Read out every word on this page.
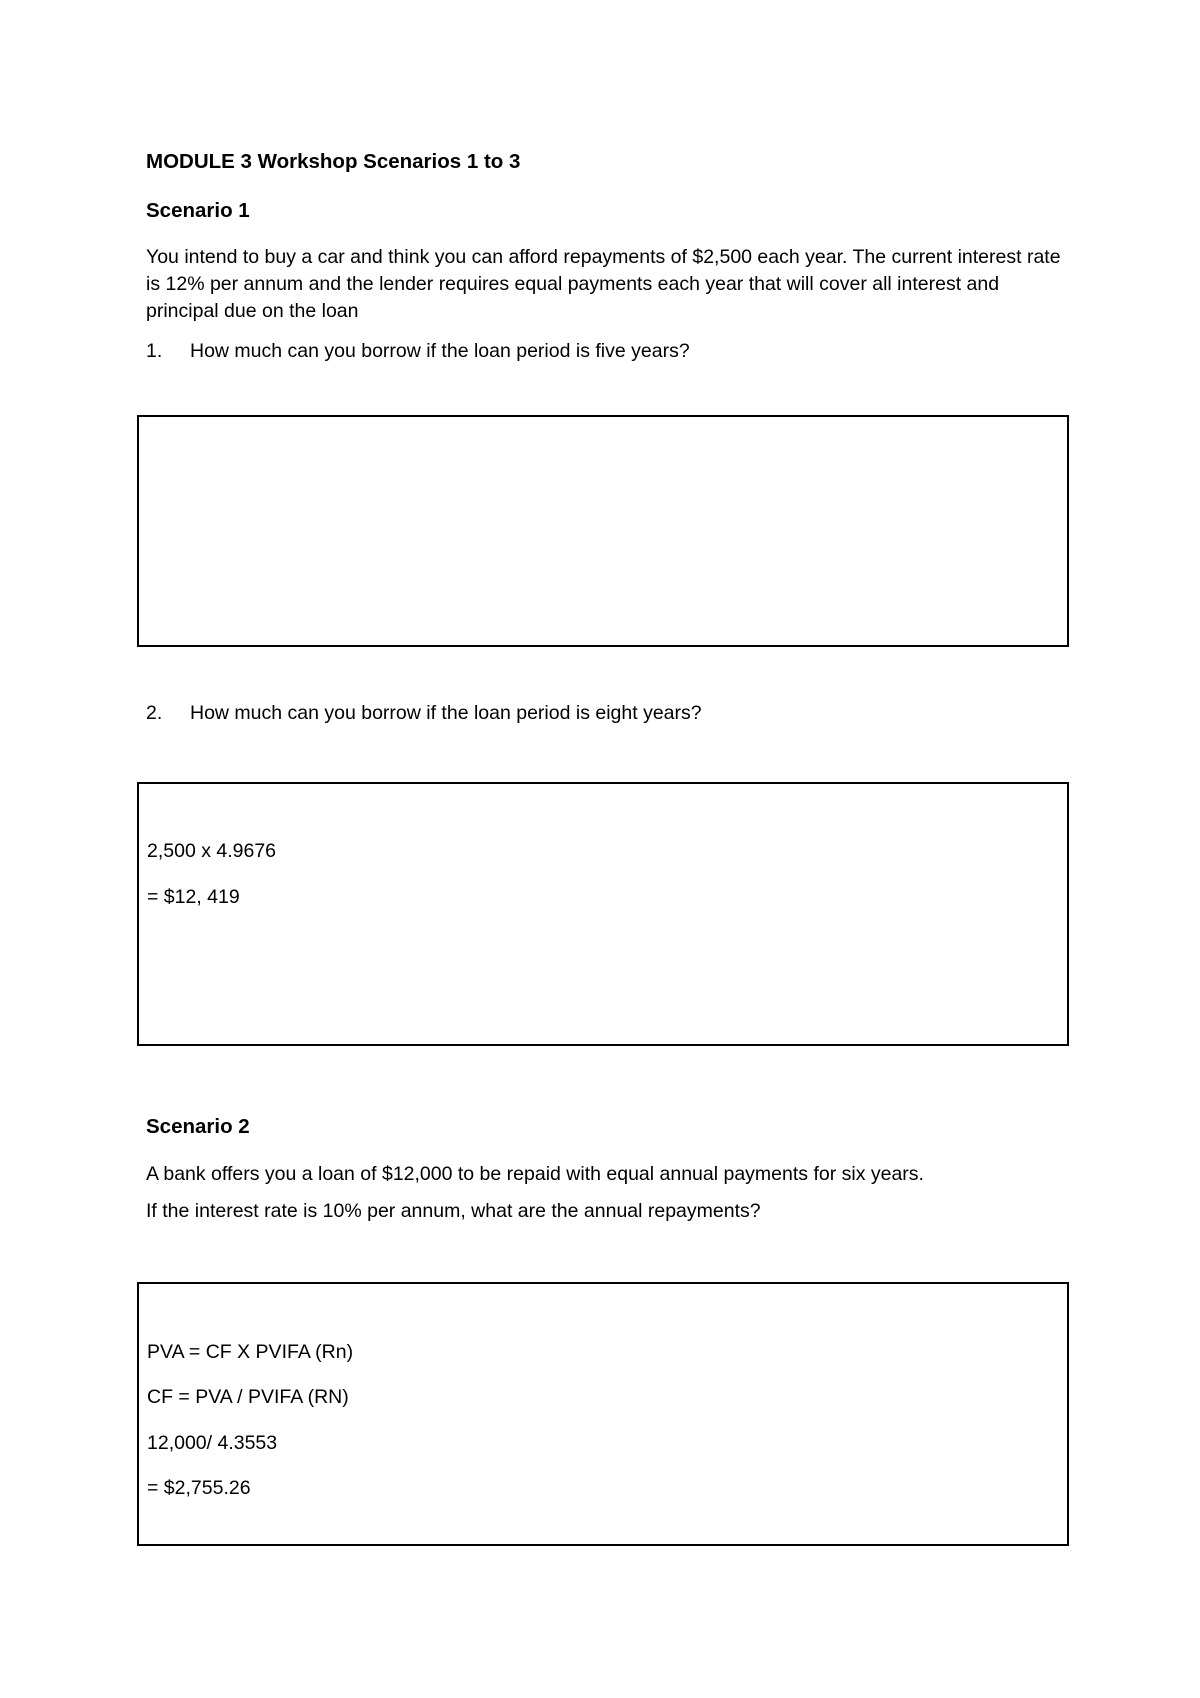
MODULE 3 Workshop Scenarios 1 to 3
Scenario 1
You intend to buy a car and think you can afford repayments of $2,500 each year. The current interest rate is 12% per annum and the lender requires equal payments each year that will cover all interest and principal due on the loan
1. How much can you borrow if the loan period is five years?
2. How much can you borrow if the loan period is eight years?
2,500 x 4.9676
= $12, 419
Scenario 2
A bank offers you a loan of $12,000 to be repaid with equal annual payments for six years.
If the interest rate is 10% per annum, what are the annual repayments?
PVA = CF X PVIFA (Rn)
CF = PVA / PVIFA (RN)
12,000/ 4.3553
= $2,755.26
